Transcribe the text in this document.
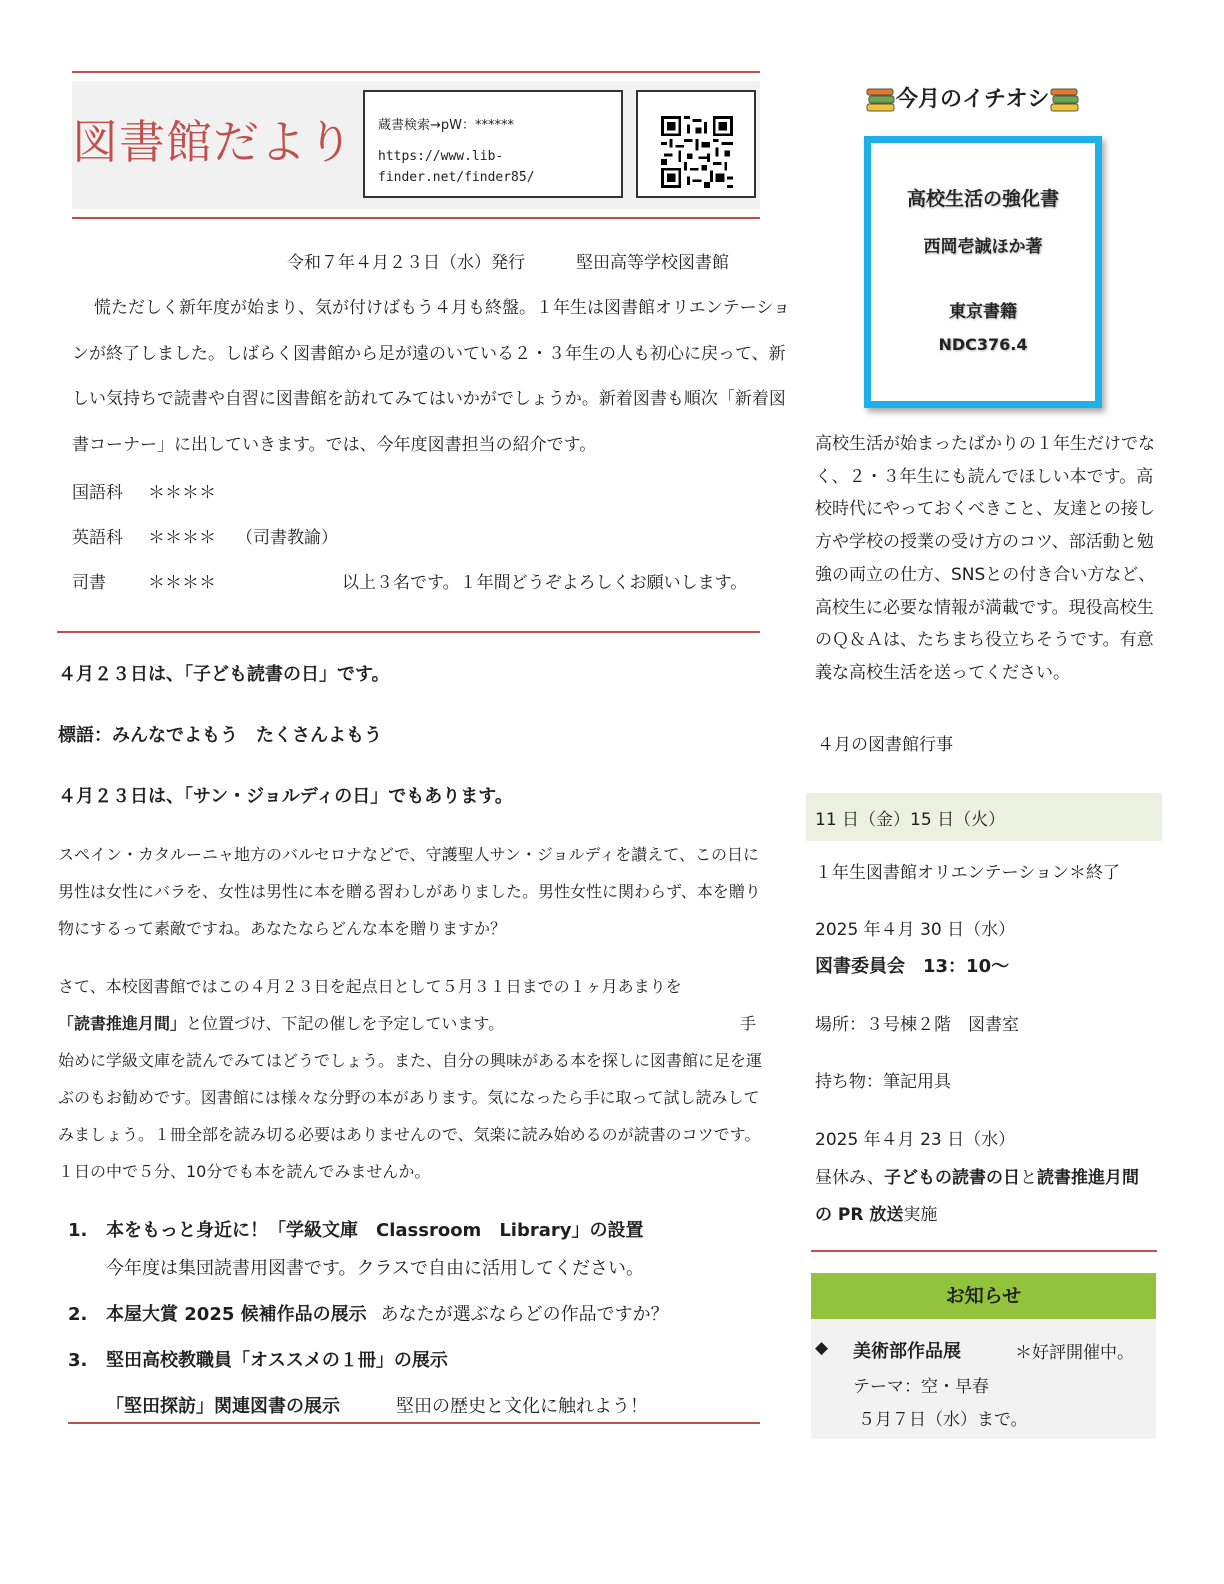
図書館だより 蔵書検索→pW：******
https://www.lib-finder.net/finder85/
令和７年４月２３日（水）発行　　　堅田高等学校図書館
慌ただしく新年度が始まり、気が付けばもう４月も終盤。１年生は図書館オリエンテーションが終了しました。しばらく図書館から足が遠のいている２・３年生の人も初心に戻って、新しい気持ちで読書や自習に図書館を訪れてみてはいかがでしょうか。新着図書も順次「新着図書コーナー」に出していきます。では、今年度図書担当の紹介です。
国語科 ＊＊＊＊
英語科 ＊＊＊＊ （司書教諭）
司書 ＊＊＊＊	以上３名です。１年間どうぞよろしくお願いします。
４月２３日は、「子ども読書の日」です。
標語：みんなでよもう　たくさんよもう
４月２３日は、「サン・ジョルディの日」でもあります。
スペイン・カタルーニャ地方のバルセロナなどで、守護聖人サン・ジョルディを讃えて、この日に男性は女性にバラを、女性は男性に本を贈る習わしがありました。男性女性に関わらず、本を贈り物にするって素敵ですね。あなたならどんな本を贈りますか？
さて、本校図書館ではこの４月２３日を起点日として５月３１日までの１ヶ月あまりを
「読書推進月間」と位置づけ、下記の催しを予定しています。	手
始めに学級文庫を読んでみてはどうでしょう。また、自分の興味がある本を探しに図書館に足を運ぶのもお勧めです。図書館には様々な分野の本があります。気になったら手に取って試し読みしてみましょう。１冊全部を読み切る必要はありませんので、気楽に読み始めるのが読書のコツです。１日の中で５分、10分でも本を読んでみませんか。
1. 本をもっと身近に！「学級文庫　Classroom　Library」の設置
今年度は集団読書用図書です。クラスで自由に活用してください。
2. 本屋大賞 2025 候補作品の展示 あなたが選ぶならどの作品ですか？
3. 堅田高校教職員「オススメの１冊」の展示
「堅田探訪」関連図書の展示	堅田の歴史と文化に触れよう！
今月のイチオシ
高校生活の強化書
西岡壱誠ほか著
東京書籍
NDC376.4
高校生活が始まったばかりの１年生だけでなく、２・３年生にも読んでほしい本です。高校時代にやっておくべきこと、友達との接し方や学校の授業の受け方のコツ、部活動と勉強の両立の仕方、SNSとの付き合い方など、高校生に必要な情報が満載です。現役高校生のＱ＆Ａは、たちまち役立ちそうです。有意義な高校生活を送ってください。
４月の図書館行事
11 日（金）15 日（火）
１年生図書館オリエンテーション＊終了
2025 年４月 30 日（水）
図書委員会　13：10～
場所：３号棟２階　図書室
持ち物：筆記用具
2025 年４月 23 日（水）
昼休み、子どもの読書の日と読書推進月間の PR 放送実施
お知らせ
◆ 美術部作品展	＊好評開催中。
テーマ：空・早春
５月７日（水）まで。
